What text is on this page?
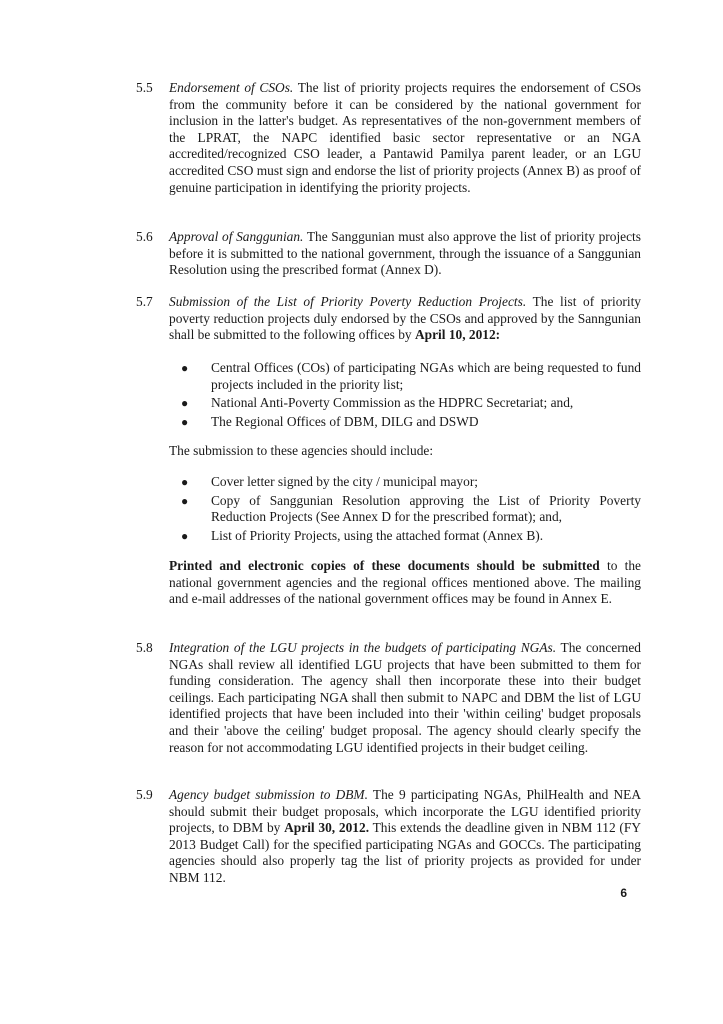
5.5	Endorsement of CSOs. The list of priority projects requires the endorsement of CSOs from the community before it can be considered by the national government for inclusion in the latter's budget. As representatives of the non-government members of the LPRAT, the NAPC identified basic sector representative or an NGA accredited/recognized CSO leader, a Pantawid Pamilya parent leader, or an LGU accredited CSO must sign and endorse the list of priority projects (Annex B) as proof of genuine participation in identifying the priority projects.

5.6	Approval of Sanggunian. The Sanggunian must also approve the list of priority projects before it is submitted to the national government, through the issuance of a Sanggunian Resolution using the prescribed format (Annex D).

5.7	Submission of the List of Priority Poverty Reduction Projects. The list of priority poverty reduction projects duly endorsed by the CSOs and approved by the Sanngunian shall be submitted to the following offices by April 10, 2012:

● Central Offices (COs) of participating NGAs which are being requested to fund projects included in the priority list;
● National Anti-Poverty Commission as the HDPRC Secretariat; and,
● The Regional Offices of DBM, DILG and DSWD
The submission to these agencies should include:
● Cover letter signed by the city / municipal mayor;
● Copy of Sanggunian Resolution approving the List of Priority Poverty Reduction Projects (See Annex D for the prescribed format); and,
● List of Priority Projects, using the attached format (Annex B).

Printed and electronic copies of these documents should be submitted to the national government agencies and the regional offices mentioned above. The mailing and e-mail addresses of the national government offices may be found in Annex E.

5.8	Integration of the LGU projects in the budgets of participating NGAs. The concerned NGAs shall review all identified LGU projects that have been submitted to them for funding consideration. The agency shall then incorporate these into their budget ceilings. Each participating NGA shall then submit to NAPC and DBM the list of LGU identified projects that have been included into their 'within ceiling' budget proposals and their 'above the ceiling' budget proposal. The agency should clearly specify the reason for not accommodating LGU identified projects in their budget ceiling.

5.9	Agency budget submission to DBM. The 9 participating NGAs, PhilHealth and NEA should submit their budget proposals, which incorporate the LGU identified priority projects, to DBM by April 30, 2012. This extends the deadline given in NBM 112 (FY 2013 Budget Call) for the specified participating NGAs and GOCCs. The participating agencies should also properly tag the list of priority projects as provided for under NBM 112.

6
